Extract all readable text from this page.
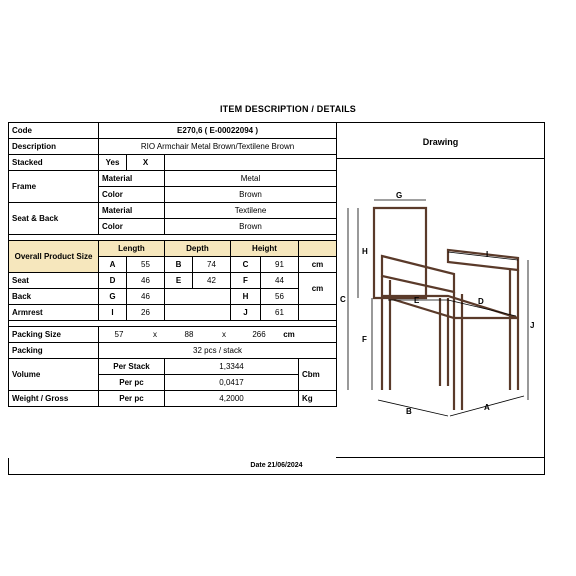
ITEM DESCRIPTION / DETAILS
Code	E270,6 ( E-00022094 )						
Description	RIO Armchair Metal Brown/Textilene Brown						
Stacked	Yes	X					
Frame	Material		Metal				
	Color		Brown				
Seat & Back	Material		Textilene				
	Color		Brown				

Overall Product Size	Length		Depth		Height		
	A	55	B	74	C	91	cm
Seat	D	46	E	42	F	44	cm
Back	G	46			H	56	
Armrest	I	26			J	61	

Packing Size	57 x 88 x 266 cm						
Packing	32 pcs / stack						
Volume	Per Stack		1,3344				Cbm
	Per pc		0,0417				
Weight / Gross	Per pc		4,2000				Kg
Drawing
Date 21/06/2024
G
H
C
F
I
J
E	D
B	A
